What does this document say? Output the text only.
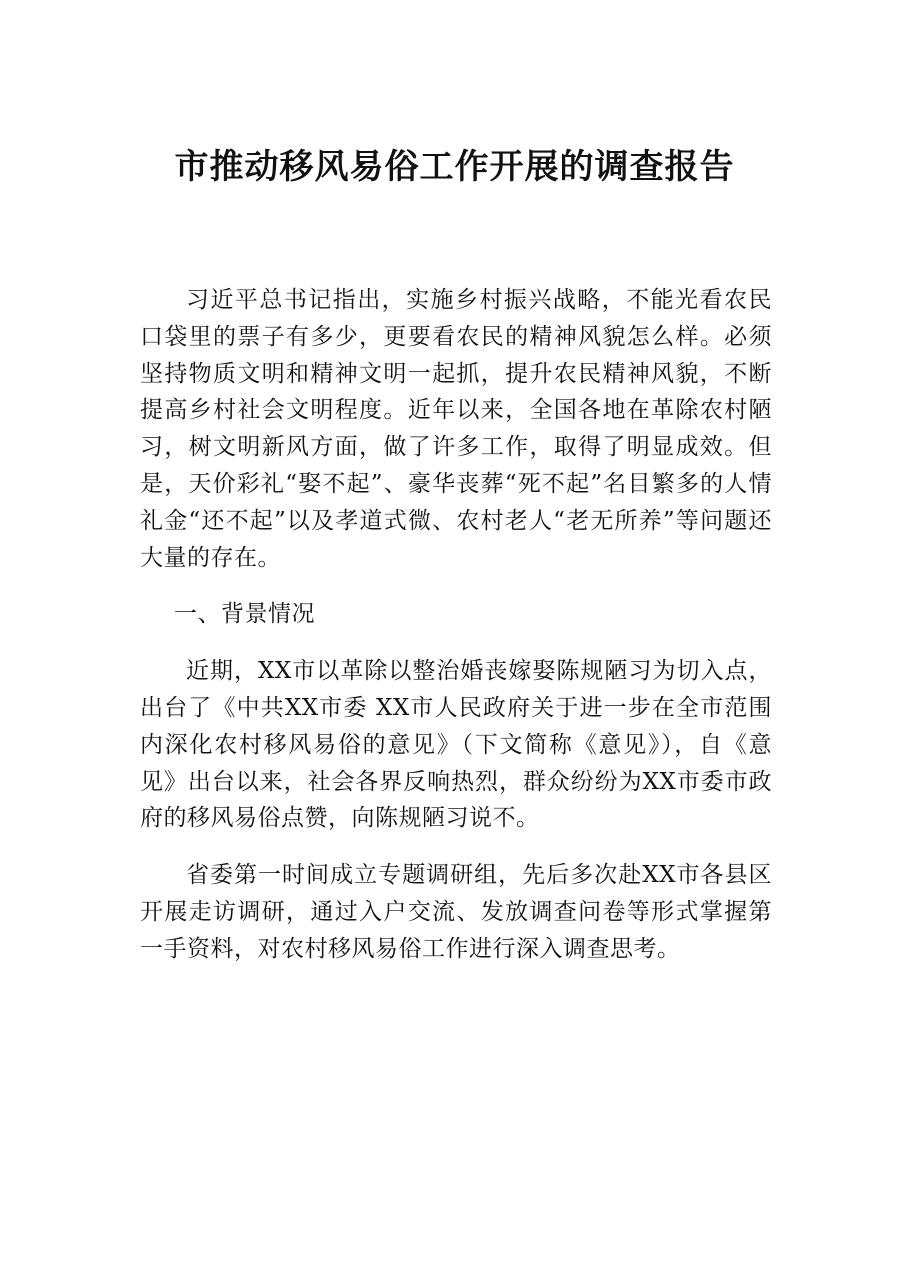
市推动移风易俗工作开展的调查报告

习近平总书记指出，实施乡村振兴战略，不能光看农民口袋里的票子有多少，更要看农民的精神风貌怎么样。必须坚持物质文明和精神文明一起抓，提升农民精神风貌，不断提高乡村社会文明程度。近年以来，全国各地在革除农村陋习，树文明新风方面，做了许多工作，取得了明显成效。但是，天价彩礼“娶不起”、豪华丧葬“死不起”名目繁多的人情礼金“还不起”以及孝道式微、农村老人“老无所养”等问题还大量的存在。

一、背景情况

近期，XX市以革除以整治婚丧嫁娶陈规陋习为切入点，出台了《中共XX市委 XX市人民政府关于进一步在全市范围内深化农村移风易俗的意见》（下文简称《意见》），自《意见》出台以来，社会各界反响热烈，群众纷纷为XX市委市政府的移风易俗点赞，向陈规陋习说不。

省委第一时间成立专题调研组，先后多次赴XX市各县区开展走访调研，通过入户交流、发放调查问卷等形式掌握第一手资料，对农村移风易俗工作进行深入调查思考。
